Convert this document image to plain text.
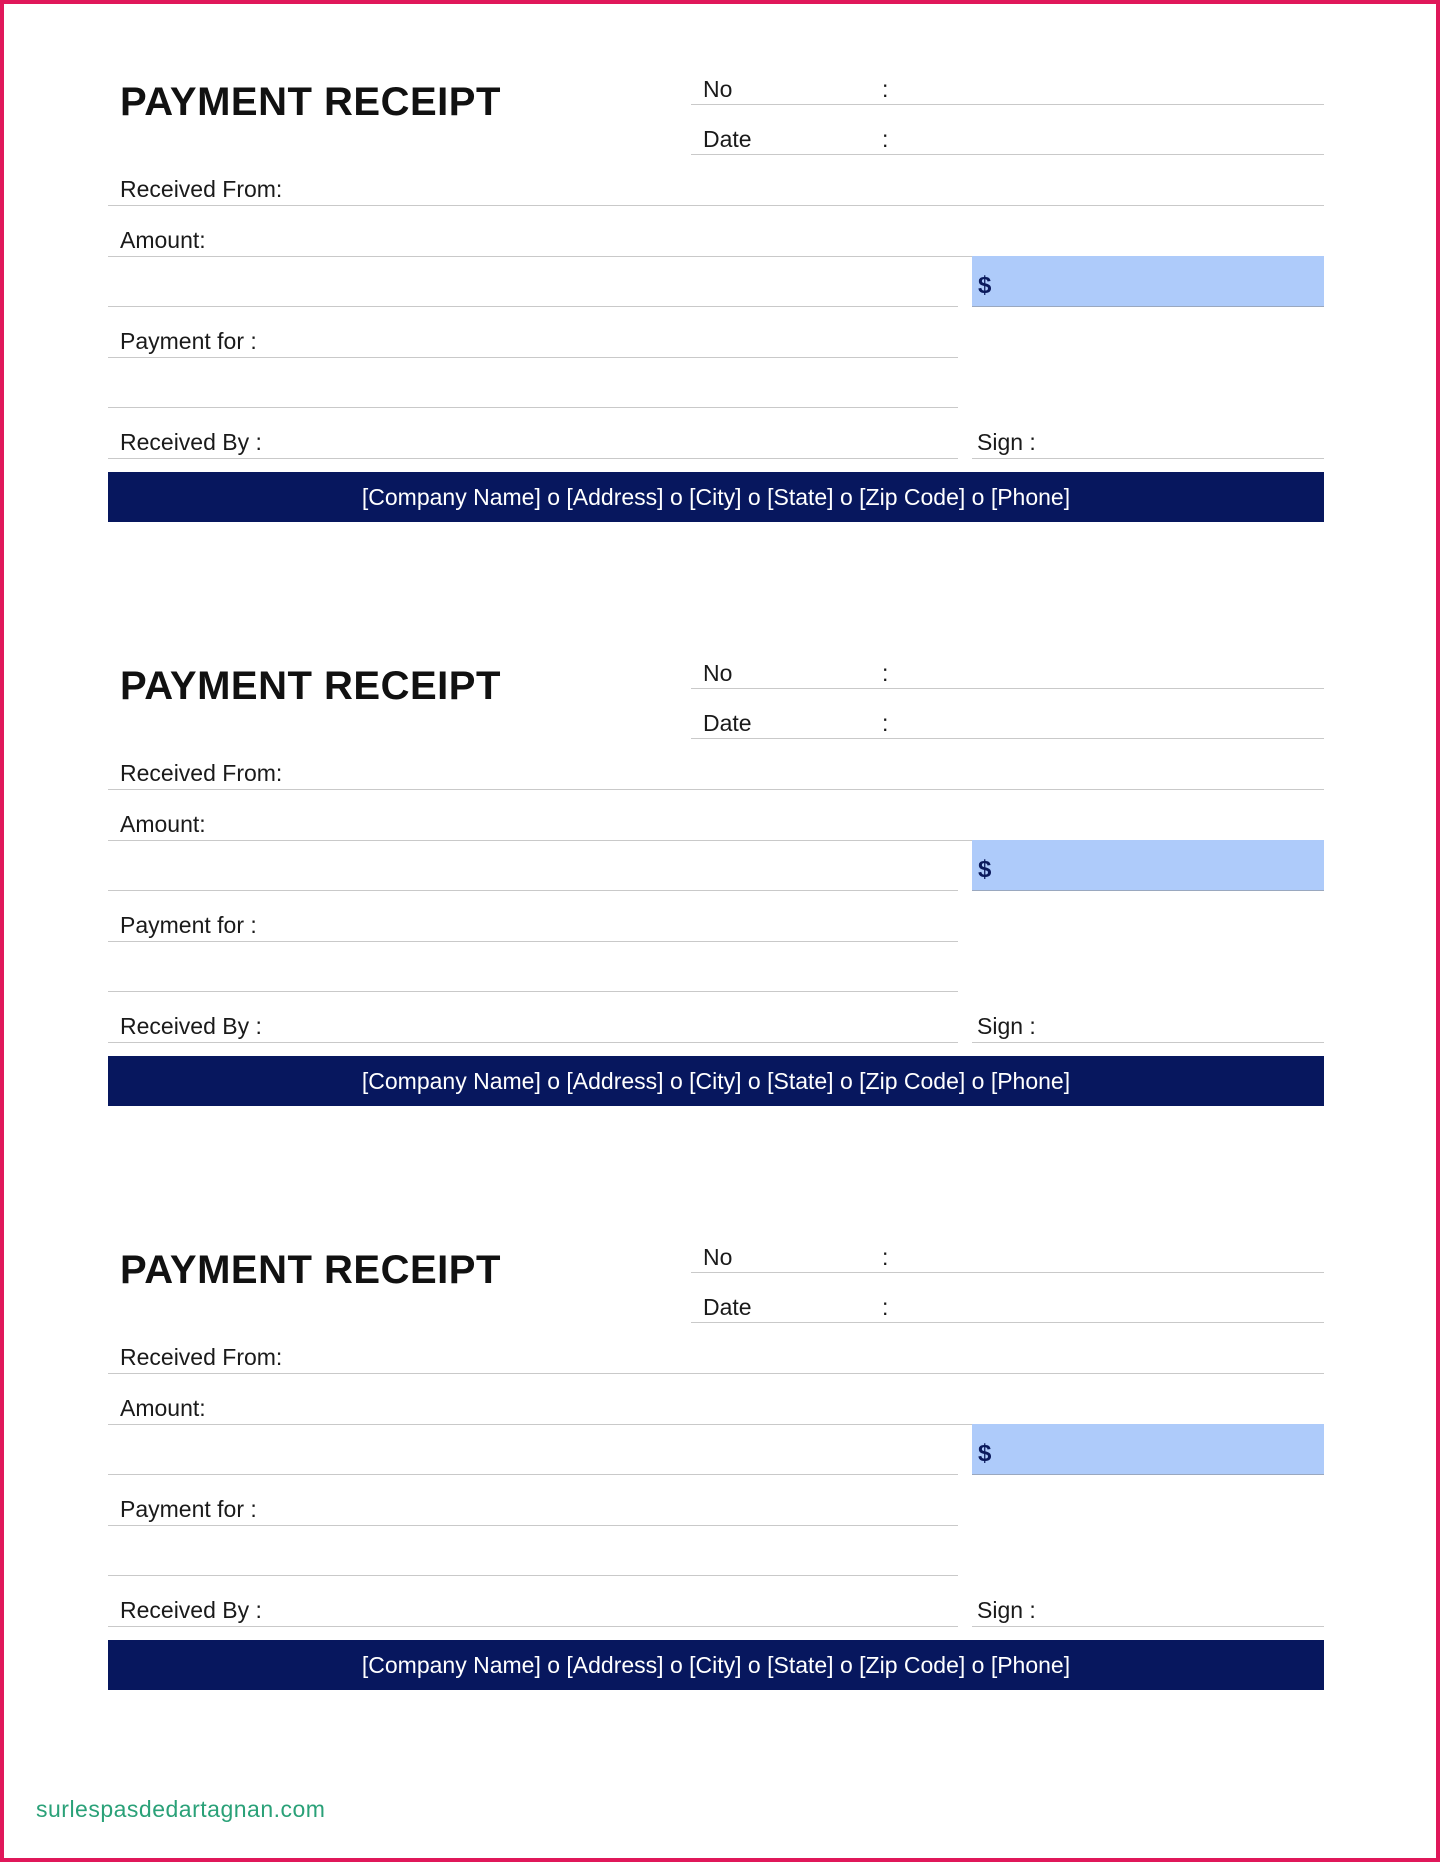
PAYMENT RECEIPT	No	:
Date	:
Received From:
Amount:
$
Payment for :
Received By :	Sign :
[Company Name] o [Address] o [City] o [State] o [Zip Code] o [Phone]
PAYMENT RECEIPT	No	:
Date	:
Received From:
Amount:
$
Payment for :
Received By :	Sign :
[Company Name] o [Address] o [City] o [State] o [Zip Code] o [Phone]
PAYMENT RECEIPT	No	:
Date	:
Received From:
Amount:
$
Payment for :
Received By :	Sign :
[Company Name] o [Address] o [City] o [State] o [Zip Code] o [Phone]
surlespasdedartagnan.com
